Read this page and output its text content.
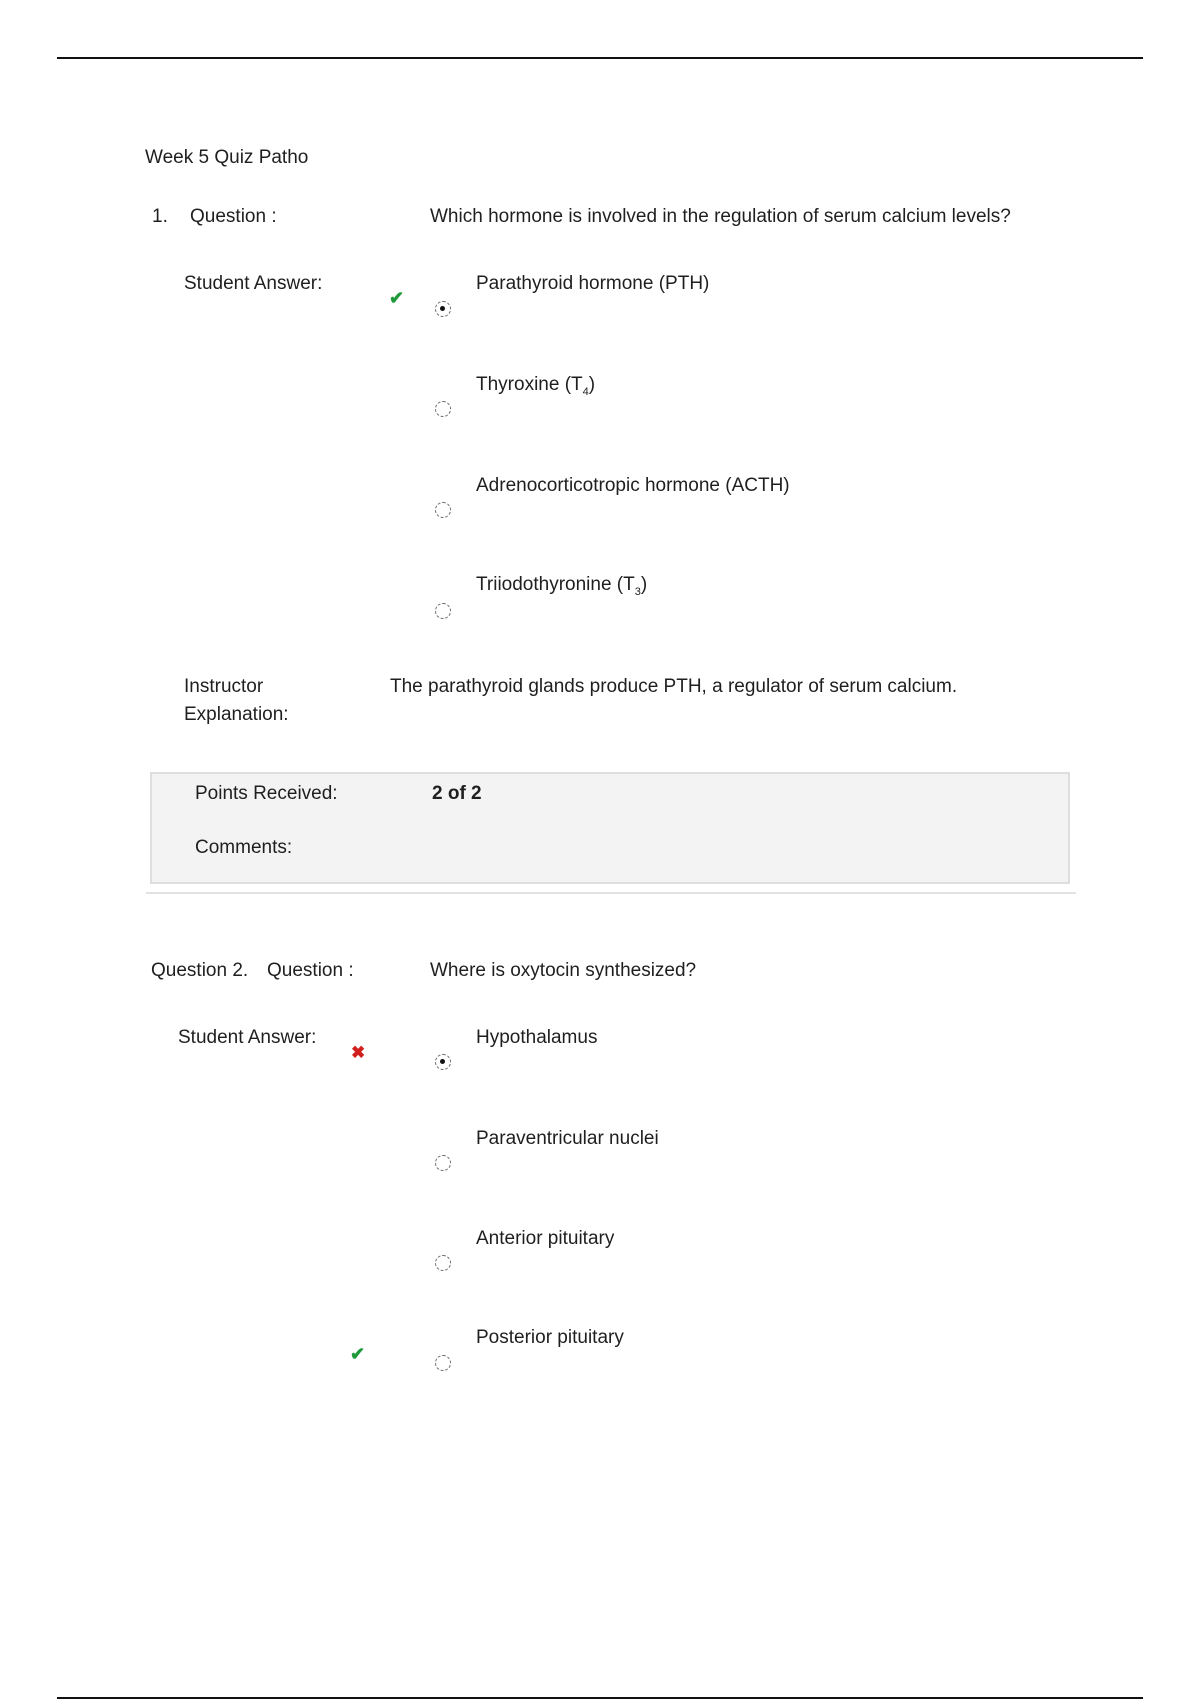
Week 5 Quiz Patho
1. Question :	Which hormone is involved in the regulation of serum calcium levels?
Student Answer:
✔
Parathyroid hormone (PTH)
Thyroxine $(T_4)$
Adrenocorticotropic hormone (ACTH)
Triiodothyronine $(T_3)$
Instructor
Explanation:
The parathyroid glands produce PTH, a regulator of serum calcium.
Points Received:	2 of 2
Comments:
Question 2. Question :	Where is oxytocin synthesized?
Student Answer:
✖
Hypothalamus
Paraventricular nuclei
Anterior pituitary
✔
Posterior pituitary
